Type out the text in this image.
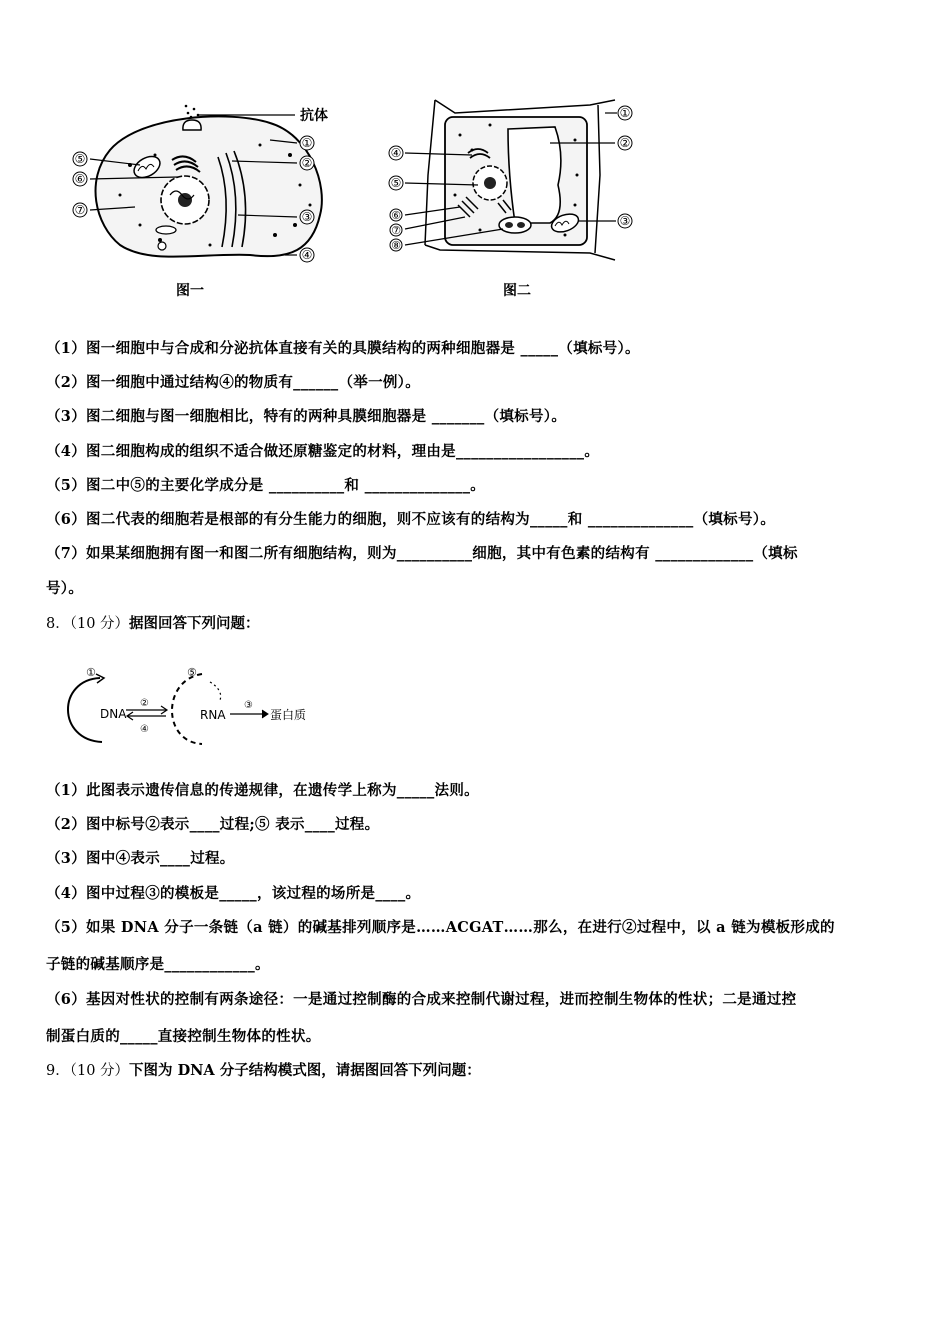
①
②
③
④
⑤
⑥
⑦
抗体
图一
①
②
③
④
⑤
⑥
⑦
⑧
图二
（1）图一细胞中与合成和分泌抗体直接有关的具膜结构的两种细胞器是 _____（填标号）。
（2）图一细胞中通过结构④的物质有______（举一例）。
（3）图二细胞与图一细胞相比，特有的两种具膜细胞器是 _______（填标号）。
（4）图二细胞构成的组织不适合做还原糖鉴定的材料，理由是_________________。
（5）图二中⑤的主要化学成分是 __________和 ______________。
（6）图二代表的细胞若是根部的有分生能力的细胞，则不应该有的结构为_____和 ______________（填标号）。
（7）如果某细胞拥有图一和图二所有细胞结构，则为__________细胞，其中有色素的结构有 _____________（填标
号）。
8．（10 分）据图回答下列问题：
①	⑤
DNA
②
④
RNA
③
蛋白质
（1）此图表示遗传信息的传递规律，在遗传学上称为_____法则。
（2）图中标号②表示____过程;⑤ 表示____过程。
（3）图中④表示____过程。
（4）图中过程③的模板是_____，该过程的场所是____。
（5）如果 DNA 分子一条链（a 链）的碱基排列顺序是……ACGAT……那么，在进行②过程中，以 a 链为模板形成的
子链的碱基顺序是____________。
（6）基因对性状的控制有两条途径：一是通过控制酶的合成来控制代谢过程，进而控制生物体的性状；二是通过控
制蛋白质的_____直接控制生物体的性状。
9．（10 分）下图为 DNA 分子结构模式图，请据图回答下列问题：
